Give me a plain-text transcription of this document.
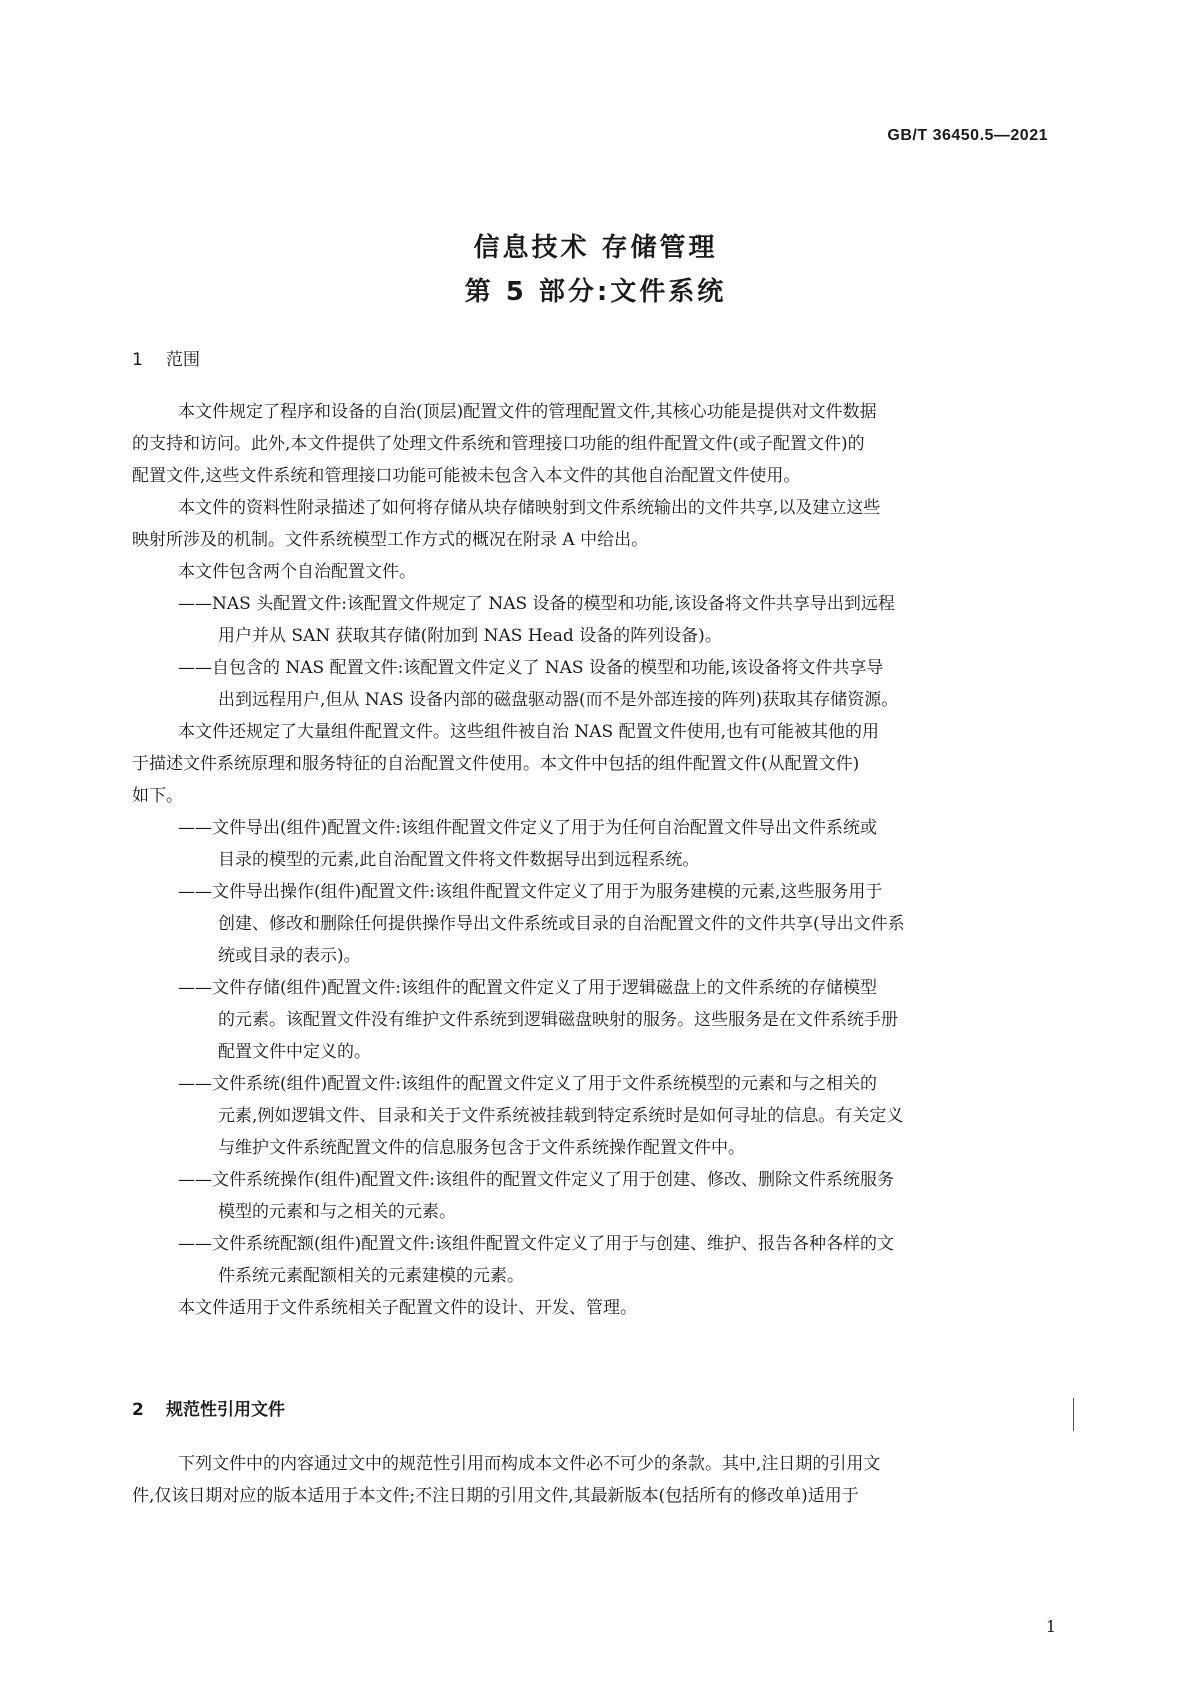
GB/T 36450.5—2021
信息技术 存储管理
第 5 部分:文件系统
1 范围
本文件规定了程序和设备的自治(顶层)配置文件的管理配置文件,其核心功能是提供对文件数据
的支持和访问。此外,本文件提供了处理文件系统和管理接口功能的组件配置文件(或子配置文件)的
配置文件,这些文件系统和管理接口功能可能被未包含入本文件的其他自治配置文件使用。
本文件的资料性附录描述了如何将存储从块存储映射到文件系统输出的文件共享,以及建立这些
映射所涉及的机制。文件系统模型工作方式的概况在附录 A 中给出。
本文件包含两个自治配置文件。
——NAS 头配置文件:该配置文件规定了 NAS 设备的模型和功能,该设备将文件共享导出到远程
用户并从 SAN 获取其存储(附加到 NAS Head 设备的阵列设备)。
——自包含的 NAS 配置文件:该配置文件定义了 NAS 设备的模型和功能,该设备将文件共享导
出到远程用户,但从 NAS 设备内部的磁盘驱动器(而不是外部连接的阵列)获取其存储资源。
本文件还规定了大量组件配置文件。这些组件被自治 NAS 配置文件使用,也有可能被其他的用
于描述文件系统原理和服务特征的自治配置文件使用。本文件中包括的组件配置文件(从配置文件)
如下。
——文件导出(组件)配置文件:该组件配置文件定义了用于为任何自治配置文件导出文件系统或
目录的模型的元素,此自治配置文件将文件数据导出到远程系统。
——文件导出操作(组件)配置文件:该组件配置文件定义了用于为服务建模的元素,这些服务用于
创建、修改和删除任何提供操作导出文件系统或目录的自治配置文件的文件共享(导出文件系
统或目录的表示)。
——文件存储(组件)配置文件:该组件的配置文件定义了用于逻辑磁盘上的文件系统的存储模型
的元素。该配置文件没有维护文件系统到逻辑磁盘映射的服务。这些服务是在文件系统手册
配置文件中定义的。
——文件系统(组件)配置文件:该组件的配置文件定义了用于文件系统模型的元素和与之相关的
元素,例如逻辑文件、目录和关于文件系统被挂载到特定系统时是如何寻址的信息。有关定义
与维护文件系统配置文件的信息服务包含于文件系统操作配置文件中。
——文件系统操作(组件)配置文件:该组件的配置文件定义了用于创建、修改、删除文件系统服务
模型的元素和与之相关的元素。
——文件系统配额(组件)配置文件:该组件配置文件定义了用于与创建、维护、报告各种各样的文
件系统元素配额相关的元素建模的元素。
本文件适用于文件系统相关子配置文件的设计、开发、管理。
2 规范性引用文件
下列文件中的内容通过文中的规范性引用而构成本文件必不可少的条款。其中,注日期的引用文
件,仅该日期对应的版本适用于本文件;不注日期的引用文件,其最新版本(包括所有的修改单)适用于
1
